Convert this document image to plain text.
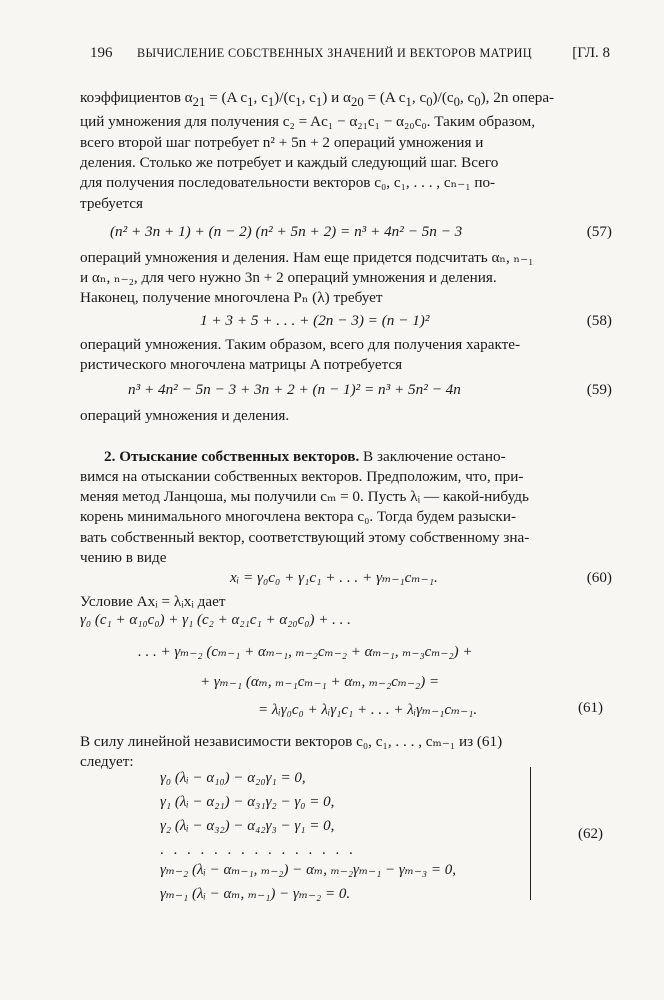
196 ВЫЧИСЛЕНИЕ СОБСТВЕННЫХ ЗНАЧЕНИЙ И ВЕКТОРОВ МАТРИЦ	[ГЛ. 8
коэффициентов $\alpha_{21} = (A$ $c_1$, $c_1)/(c_1$, $c_1$) и $\alpha_{20} = (A$ $c_1$, $c_0)/(c_0$, $c_0$), 2n опера-
ций умножения для получения c₂ = Ac₁ − α₂₁c₁ − α₂₀c₀. Таким образом,
всего второй шаг потребует n² + 5n + 2 операций умножения и
деления. Столько же потребует и каждый следующий шаг. Всего
для получения последовательности векторов c₀, c₁, . . . , cₙ₋₁ по-
требуется
(n² + 3n + 1) + (n − 2) (n² + 5n + 2) = n³ + 4n² − 5n − 3	(57)
операций умножения и деления. Нам еще придется подсчитать αₙ, ₙ₋₁
и αₙ, ₙ₋₂, для чего нужно 3n + 2 операций умножения и деления.
Наконец, получение многочлена Pₙ (λ) требует
1 + 3 + 5 + . . . + (2n − 3) = (n − 1)²	(58)
операций умножения. Таким образом, всего для получения характе-
ристического многочлена матрицы A потребуется
n³ + 4n² − 5n − 3 + 3n + 2 + (n − 1)² = n³ + 5n² − 4n	(59)
операций умножения и деления.
2. Отыскание собственных векторов. В заключение остано-
вимся на отыскании собственных векторов. Предположим, что, при-
меняя метод Ланцоша, мы получили cₘ = 0. Пусть λᵢ — какой-нибудь
корень минимального многочлена вектора c₀. Тогда будем разыски-
вать собственный вектор, соответствующий этому собственному зна-
чению в виде
xᵢ = γ₀c₀ + γ₁c₁ + . . . + γₘ₋₁cₘ₋₁.	(60)
Условие Axᵢ = λᵢxᵢ дает
γ₀ (c₁ + α₁₀c₀) + γ₁ (c₂ + α₂₁c₁ + α₂₀c₀) + . . .
. . . + γₘ₋₂ (cₘ₋₁ + αₘ₋₁, ₘ₋₂cₘ₋₂ + αₘ₋₁, ₘ₋₃cₘ₋₂) +
+ γₘ₋₁ (αₘ, ₘ₋₁cₘ₋₁ + αₘ, ₘ₋₂cₘ₋₂) =
= λᵢγ₀c₀ + λᵢγ₁c₁ + . . . + λᵢγₘ₋₁cₘ₋₁.	(61)
В силу линейной независимости векторов c₀, c₁, . . . , cₘ₋₁ из (61)
следует:
γ₀ (λᵢ − α₁₀) − α₂₀γ₁ = 0,
γ₁ (λᵢ − α₂₁) − α₃₁γ₂ − γ₀ = 0,
γ₂ (λᵢ − α₃₂) − α₄₂γ₃ − γ₁ = 0,
. . . . . . . . . . . . . . .
γₘ₋₂ (λᵢ − αₘ₋₁, ₘ₋₂) − αₘ, ₘ₋₂γₘ₋₁ − γₘ₋₃ = 0,
γₘ₋₁ (λᵢ − αₘ, ₘ₋₁) − γₘ₋₂ = 0.
(62)
